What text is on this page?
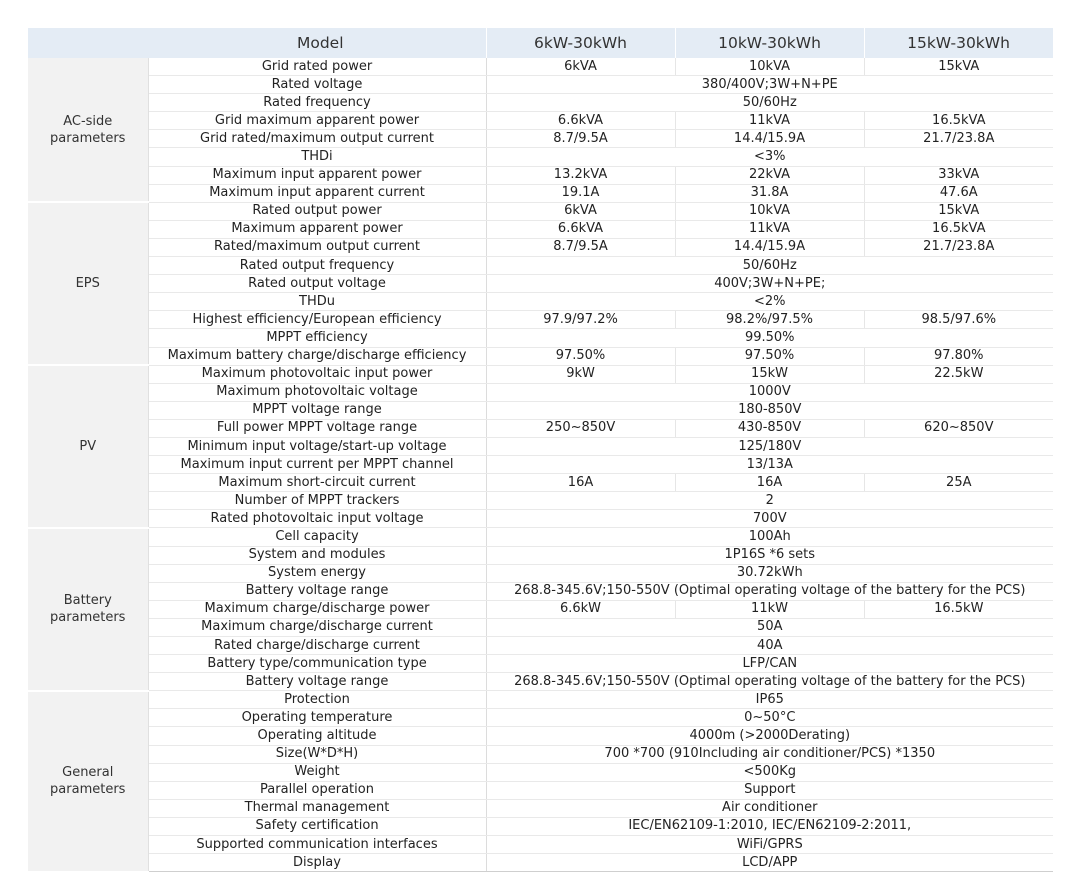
Model		6kW-30kWh	10kW-30kWh	15kW-30kWh
AC-side
parameters	Grid rated power	6kVA	10kVA	15kVA
	Rated voltage	380/400V;3W+N+PE		
	Rated frequency	50/60Hz		
	Grid maximum apparent power	6.6kVA	11kVA	16.5kVA
	Grid rated/maximum output current	8.7/9.5A	14.4/15.9A	21.7/23.8A
	THDi	<3%		
	Maximum input apparent power	13.2kVA	22kVA	33kVA
	Maximum input apparent current	19.1A	31.8A	47.6A
EPS	Rated output power	6kVA	10kVA	15kVA
	Maximum apparent power	6.6kVA	11kVA	16.5kVA
	Rated/maximum output current	8.7/9.5A	14.4/15.9A	21.7/23.8A
	Rated output frequency	50/60Hz		
	Rated output voltage	400V;3W+N+PE;		
	THDu	<2%		
	Highest efficiency/European efficiency	97.9/97.2%	98.2%/97.5%	98.5/97.6%
	MPPT efficiency	99.50%		
	Maximum battery charge/discharge efficiency	97.50%	97.50%	97.80%
PV	Maximum photovoltaic input power	9kW	15kW	22.5kW
	Maximum photovoltaic voltage	1000V		
	MPPT voltage range	180-850V		
	Full power MPPT voltage range	250~850V	430-850V	620~850V
	Minimum input voltage/start-up voltage	125/180V		
	Maximum input current per MPPT channel	13/13A		
	Maximum short-circuit current	16A	16A	25A
	Number of MPPT trackers	2		
	Rated photovoltaic input voltage	700V		
Battery
parameters	Cell capacity	100Ah		
	System and modules	1P16S *6 sets		
	System energy	30.72kWh		
	Battery voltage range	268.8-345.6V;150-550V (Optimal operating voltage of the battery for the PCS)		
	Maximum charge/discharge power	6.6kW	11kW	16.5kW
	Maximum charge/discharge current	50A		
	Rated charge/discharge current	40A		
	Battery type/communication type	LFP/CAN		
	Battery voltage range	268.8-345.6V;150-550V (Optimal operating voltage of the battery for the PCS)		
General
parameters	Protection	IP65		
	Operating temperature	0~50°C		
	Operating altitude	4000m (>2000Derating)		
	Size(W*D*H)	700 *700 (910Including air conditioner/PCS) *1350		
	Weight	<500Kg		
	Parallel operation	Support		
	Thermal management	Air conditioner		
	Safety certification	IEC/EN62109-1:2010, IEC/EN62109-2:2011,		
	Supported communication interfaces	WiFi/GPRS		
	Display	LCD/APP		
